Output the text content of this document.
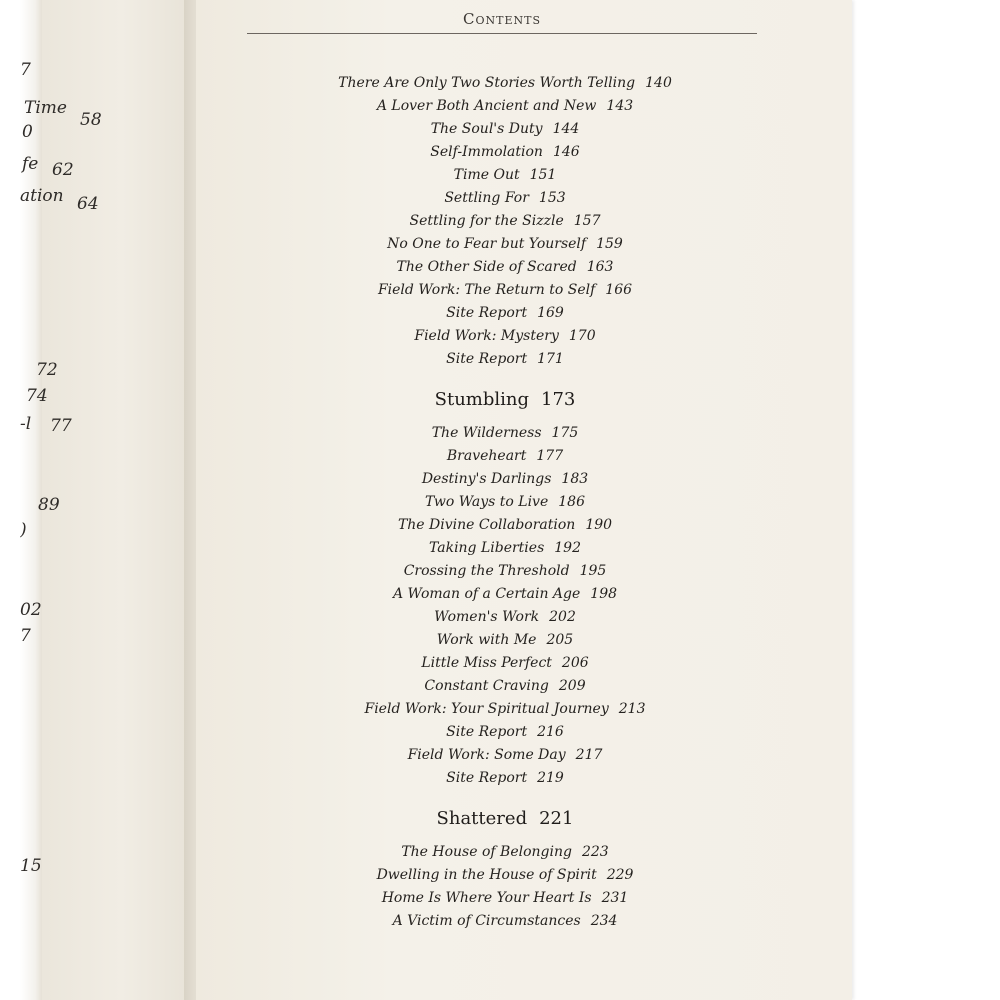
7
Time
58
0
fe 62
ation 64
72
74
-l 77
89
)
02
7
15
Contents
There Are Only Two Stories Worth Telling 140
A Lover Both Ancient and New 143
The Soul's Duty 144
Self-Immolation 146
Time Out 151
Settling For 153
Settling for the Sizzle 157
No One to Fear but Yourself 159
The Other Side of Scared 163
Field Work: The Return to Self 166
Site Report 169
Field Work: Mystery 170
Site Report 171
Stumbling 173
The Wilderness 175
Braveheart 177
Destiny's Darlings 183
Two Ways to Live 186
The Divine Collaboration 190
Taking Liberties 192
Crossing the Threshold 195
A Woman of a Certain Age 198
Women's Work 202
Work with Me 205
Little Miss Perfect 206
Constant Craving 209
Field Work: Your Spiritual Journey 213
Site Report 216
Field Work: Some Day 217
Site Report 219
Shattered 221
The House of Belonging 223
Dwelling in the House of Spirit 229
Home Is Where Your Heart Is 231
A Victim of Circumstances 234
